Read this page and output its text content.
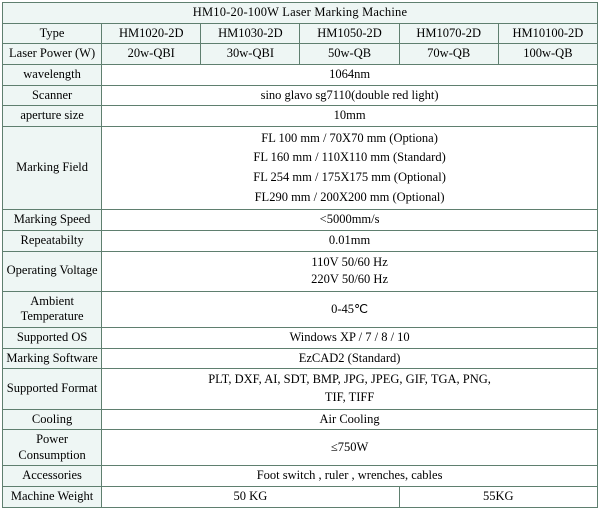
HM10-20-100W Laser Marking Machine					
Type	HM1020-2D	HM1030-2D	HM1050-2D	HM1070-2D	HM10100-2D
Laser Power (W)	20w-QBI	30w-QBI	50w-QB	70w-QB	100w-QB
wavelength	1064nm				
Scanner	sino glavo sg7110(double red light)				
aperture size	10mm				
Marking Field	FL 100 mm / 70X70 mm (Optiona)
FL 160 mm / 110X110 mm (Standard)
FL 254 mm / 175X175 mm (Optional)
FL290 mm / 200X200 mm (Optional)				

Marking Speed	<5000mm/s				
Repeatabilty	0.01mm				
Operating Voltage	110V 50/60 Hz
220V 50/60 Hz				

Ambient Temperature	0-45℃				
Supported OS	Windows XP / 7 / 8 / 10				
Marking Software	EzCAD2 (Standard)				
Supported Format	PLT, DXF, AI, SDT, BMP, JPG, JPEG, GIF, TGA, PNG,
TIF, TIFF				

Cooling	Air Cooling				
Power Consumption	≤750W				
Accessories	Foot switch , ruler , wrenches, cables				
Machine Weight	50 KG			55KG	
